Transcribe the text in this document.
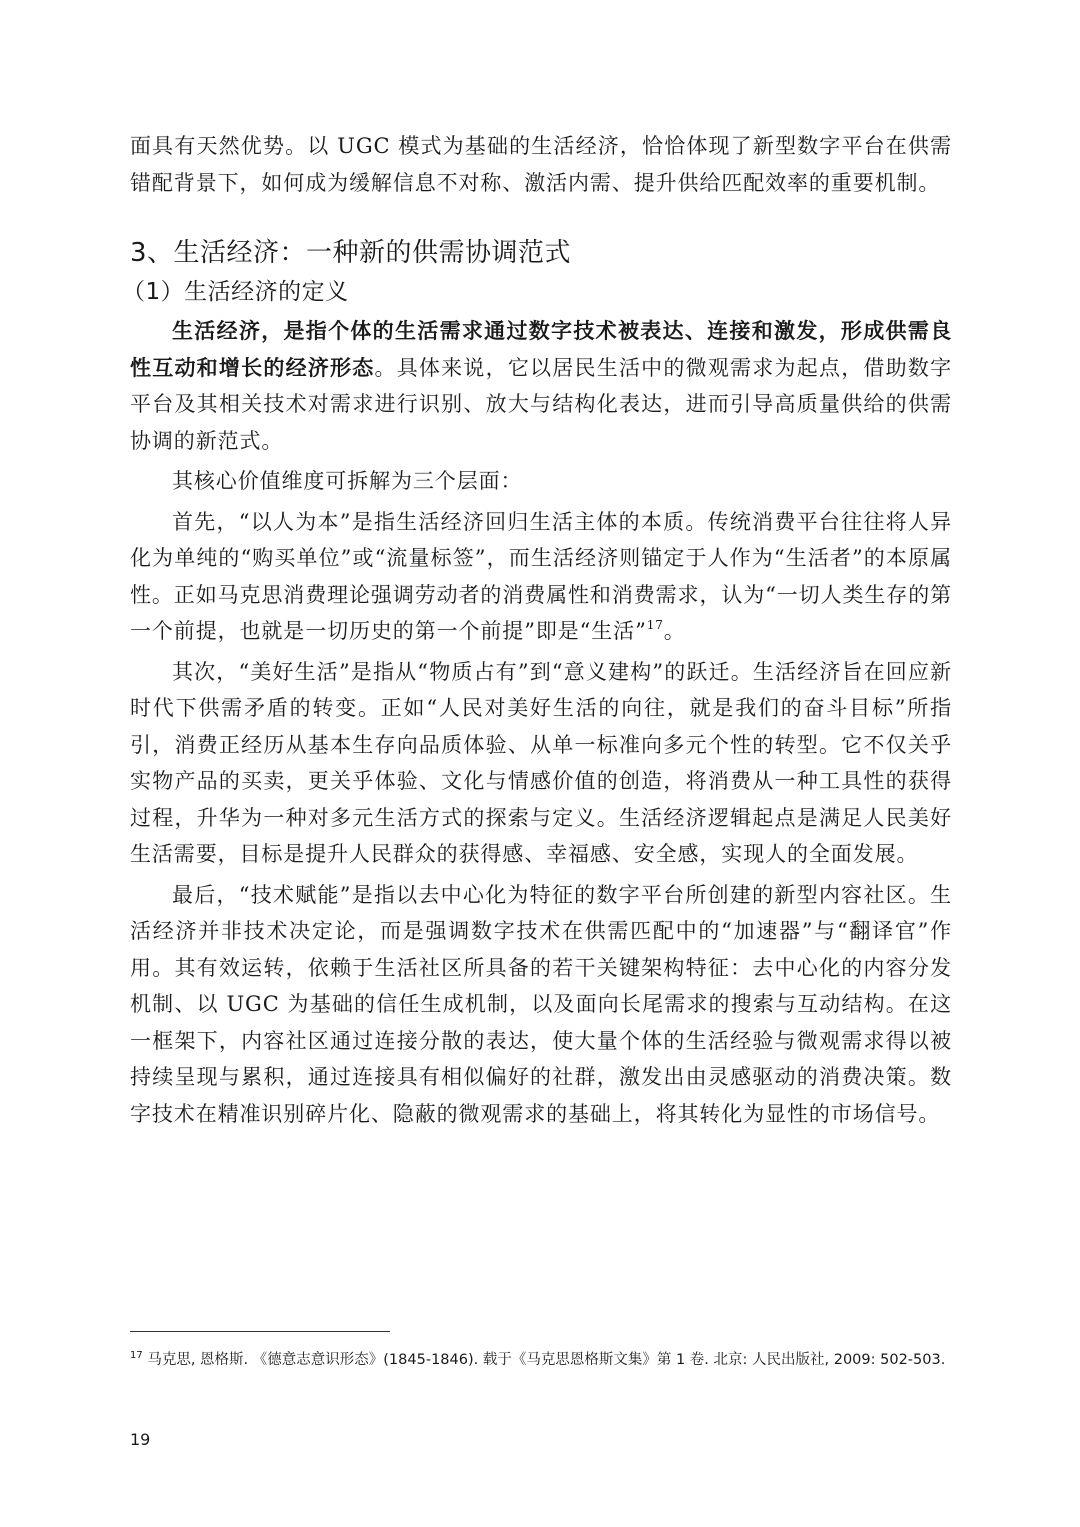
面具有天然优势。以 UGC 模式为基础的生活经济，恰恰体现了新型数字平台在供需错配背景下，如何成为缓解信息不对称、激活内需、提升供给匹配效率的重要机制。

3、生活经济：一种新的供需协调范式
（1）生活经济的定义

生活经济，是指个体的生活需求通过数字技术被表达、连接和激发，形成供需良性互动和增长的经济形态。具体来说，它以居民生活中的微观需求为起点，借助数字平台及其相关技术对需求进行识别、放大与结构化表达，进而引导高质量供给的供需协调的新范式。

其核心价值维度可拆解为三个层面：

首先，“以人为本”是指生活经济回归生活主体的本质。传统消费平台往往将人异化为单纯的“购买单位”或“流量标签”，而生活经济则锚定于人作为“生活者”的本原属性。正如马克思消费理论强调劳动者的消费属性和消费需求，认为“一切人类生存的第一个前提，也就是一切历史的第一个前提”即是“生活”$^{17}$。

其次，“美好生活”是指从“物质占有”到“意义建构”的跃迁。生活经济旨在回应新时代下供需矛盾的转变。正如“人民对美好生活的向往，就是我们的奋斗目标”所指引，消费正经历从基本生存向品质体验、从单一标准向多元个性的转型。它不仅关乎实物产品的买卖，更关乎体验、文化与情感价值的创造，将消费从一种工具性的获得过程，升华为一种对多元生活方式的探索与定义。生活经济逻辑起点是满足人民美好生活需要，目标是提升人民群众的获得感、幸福感、安全感，实现人的全面发展。

最后，“技术赋能”是指以去中心化为特征的数字平台所创建的新型内容社区。生活经济并非技术决定论，而是强调数字技术在供需匹配中的“加速器”与“翻译官”作用。其有效运转，依赖于生活社区所具备的若干关键架构特征：去中心化的内容分发机制、以 UGC 为基础的信任生成机制，以及面向长尾需求的搜索与互动结构。在这一框架下，内容社区通过连接分散的表达，使大量个体的生活经验与微观需求得以被持续呈现与累积，通过连接具有相似偏好的社群，激发出由灵感驱动的消费决策。数字技术在精准识别碎片化、隐蔽的微观需求的基础上，将其转化为显性的市场信号。

$^{17}$ 马克思, 恩格斯. 《德意志意识形态》(1845-1846). 载于《马克思恩格斯文集》第 1 卷. 北京: 人民出版社, 2009: 502-503.
19
